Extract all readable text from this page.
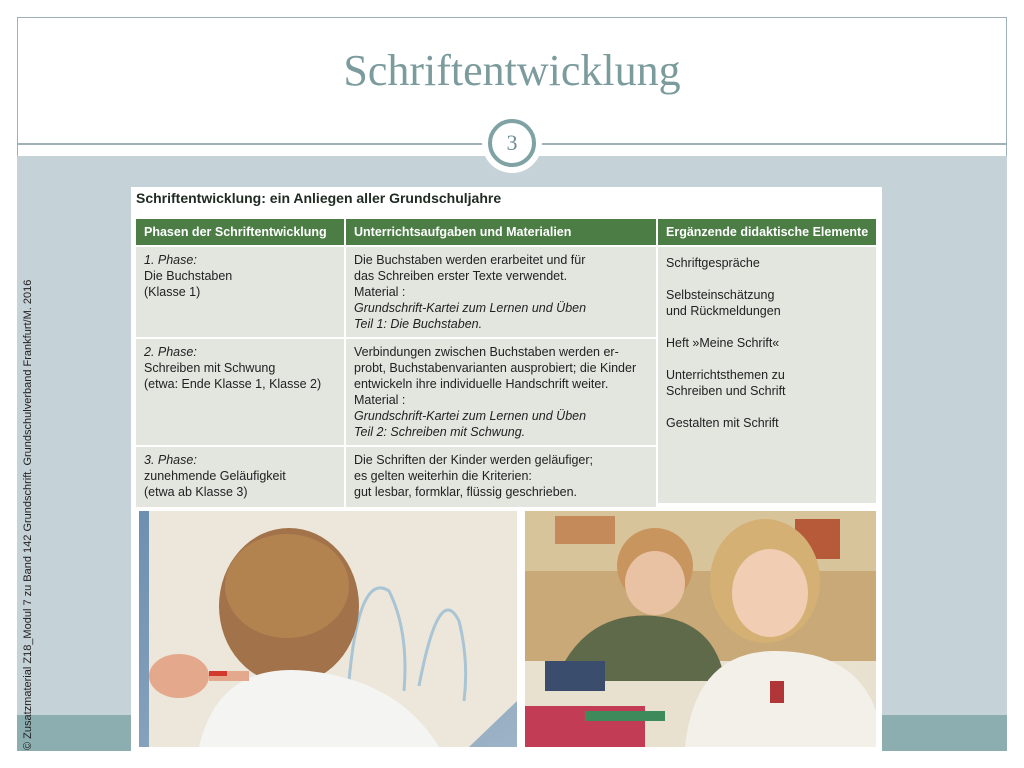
Schriftentwicklung
3
© Zusatzmaterial Z18_Modul 7 zu Band 142 Grundschrift. Grundschulverband Frankfurt/M. 2016
Schriftentwicklung: ein Anliegen aller Grundschuljahre
Phasen der Schriftentwicklung	Unterrichtsaufgaben und Materialien	Ergänzende didaktische Elemente
1. Phase:
Die Buchstaben
(Klasse 1)
Die Buchstaben werden erarbeitet und für
das Schreiben erster Texte verwendet.
Material :
Grundschrift-Kartei zum Lernen und Üben
Teil 1: Die Buchstaben.
2. Phase:
Schreiben mit Schwung
(etwa: Ende Klasse 1, Klasse 2)
Verbindungen zwischen Buchstaben werden er-
probt, Buchstabenvarianten ausprobiert; die Kinder
entwickeln ihre individuelle Handschrift weiter.
Material :
Grundschrift-Kartei zum Lernen und Üben
Teil 2: Schreiben mit Schwung.
3. Phase:
zunehmende Geläufigkeit
(etwa ab Klasse 3)
Die Schriften der Kinder werden geläufiger;
es gelten weiterhin die Kriterien:
gut lesbar, formklar, flüssig geschrieben.
Schriftgespräche
Selbsteinschätzung
und Rückmeldungen
Heft »Meine Schrift«
Unterrichtsthemen zu
Schreiben und Schrift
Gestalten mit Schrift
